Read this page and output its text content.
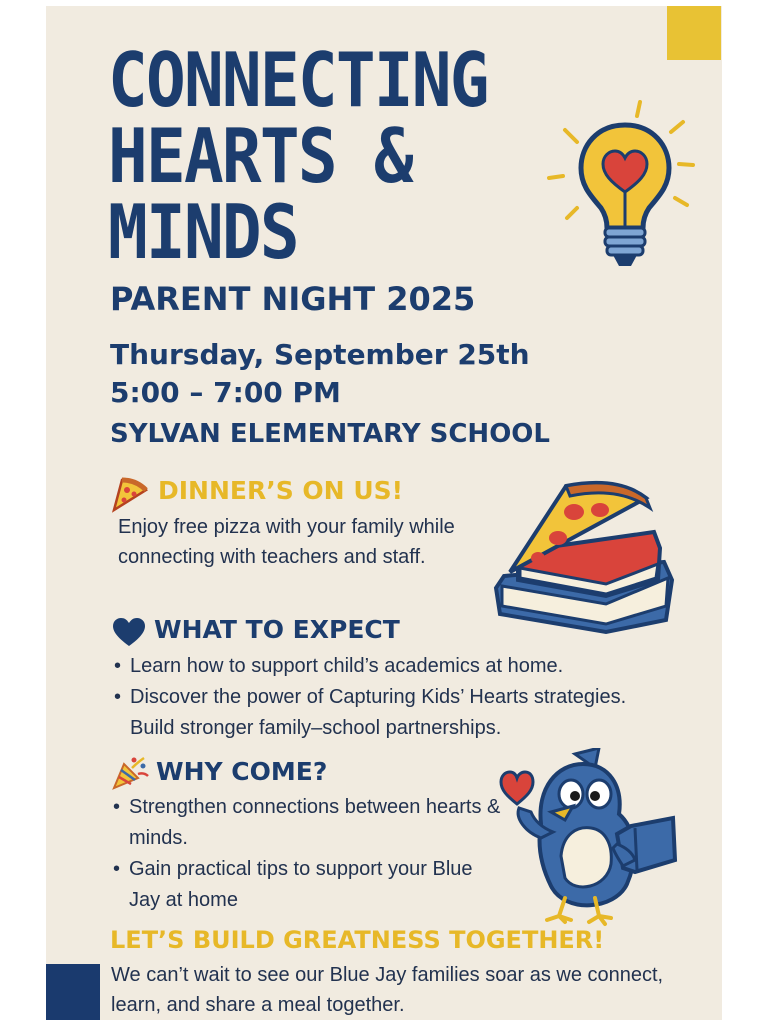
CONNECTING
HEARTS &
MINDS
PARENT NIGHT 2025

Thursday, September 25th

5:00 – 7:00 PM

SYLVAN ELEMENTARY SCHOOL

DINNER’S ON US!

Enjoy free pizza with your family while connecting with teachers and staff.

WHAT TO EXPECT
• Learn how to support child’s academics at home.
• Discover the power of Capturing Kids’ Hearts strategies. Build stronger family–school partnerships.
WHY COME?
• Strengthen connections between hearts & minds.
• Gain practical tips to support your Blue Jay at home
LET’S BUILD GREATNESS TOGETHER!

We can’t wait to see our Blue Jay families soar as we connect, learn, and share a meal together.
